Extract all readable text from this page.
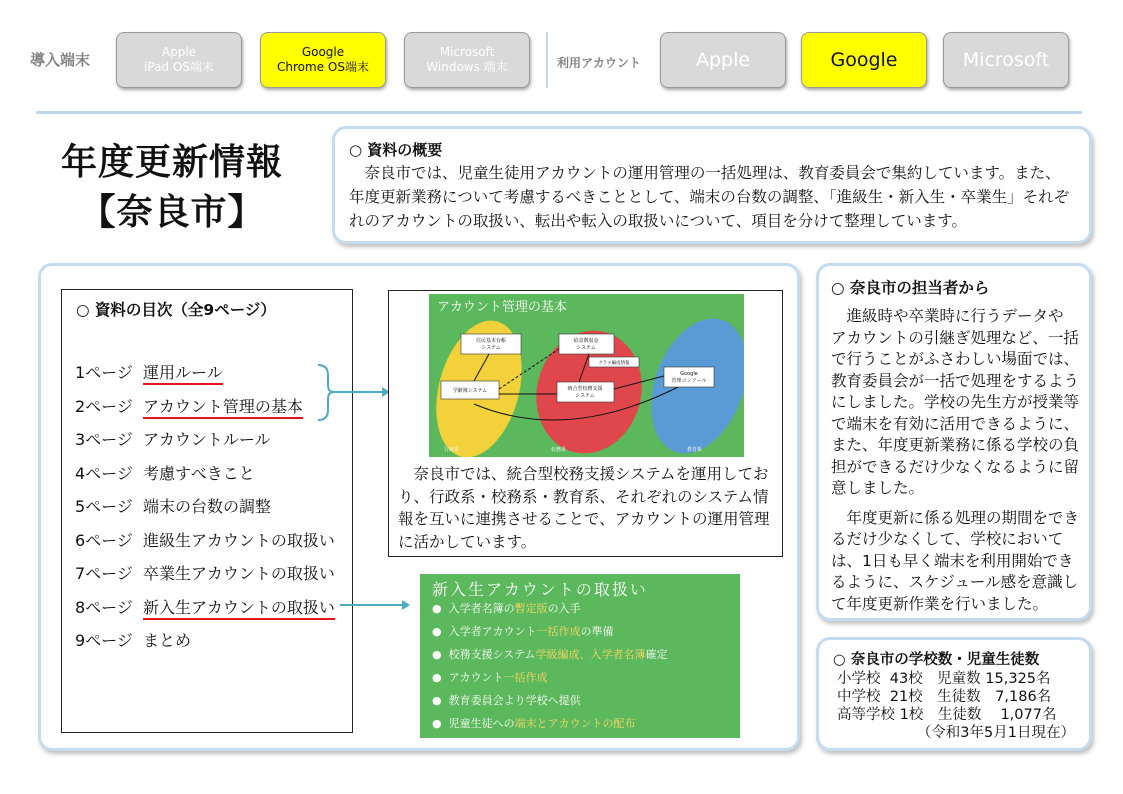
導入端末	Apple
iPad OS端末
Google
Chrome OS端末
Microsoft
Windows 端末	利用アカウント	Apple	Google	Microsoft
年度更新情報
【奈良市】
○ 資料の概要
　奈良市では、児童生徒用アカウントの運用管理の一括処理は、教育委員会で集約しています。また、年度更新業務について考慮するべきこととして、端末の台数の調整、「進級生・新入生・卒業生」それぞれのアカウントの取扱い、転出や転入の取扱いについて、項目を分けて整理しています。
○ 資料の目次（全9ページ）
1ページ 運用ルール
2ページ アカウント管理の基本
3ページ アカウントルール
4ページ 考慮すべきこと
5ページ 端末の台数の調整
6ページ 進級生アカウントの取扱い
7ページ 卒業生アカウントの取扱い
8ページ 新入生アカウントの取扱い
9ページ まとめ
アカウント管理の基本
住民基本台帳
システム
給食徴収金
システム
クラス編成情報
学齢簿システム	統合型校務支援
システム
Google
管理コンソール
行政系	校務系	教育系
　奈良市では、統合型校務支援システムを運用しており、行政系・校務系・教育系、それぞれのシステム情報を互いに連携させることで、アカウントの運用管理に活かしています。
新入生アカウントの取扱い
●  入学者名簿の暫定版の入手
●  入学者アカウント一括作成の準備
●  校務支援システム学級編成、入学者名簿確定
●  アカウント一括作成
●  教育委員会より学校へ提供
●  児童生徒への端末とアカウントの配布
○ 奈良市の担当者から
　進級時や卒業時に行うデータやアカウントの引継ぎ処理など、一括で行うことがふさわしい場面では、教育委員会が一括で処理をするようにしました。学校の先生方が授業等で端末を有効に活用できるように、また、年度更新業務に係る学校の負担ができるだけ少なくなるように留意しました。
　年度更新に係る処理の期間をできるだけ少なくして、学校においては、1日も早く端末を利用開始できるように、スケジュール感を意識して年度更新作業を行いました。
○ 奈良市の学校数・児童生徒数
小学校  43校　児童数 15,325名
中学校  21校　生徒数　7,186名
高等学校 1校　生徒数　 1,077名
（令和3年5月1日現在）
